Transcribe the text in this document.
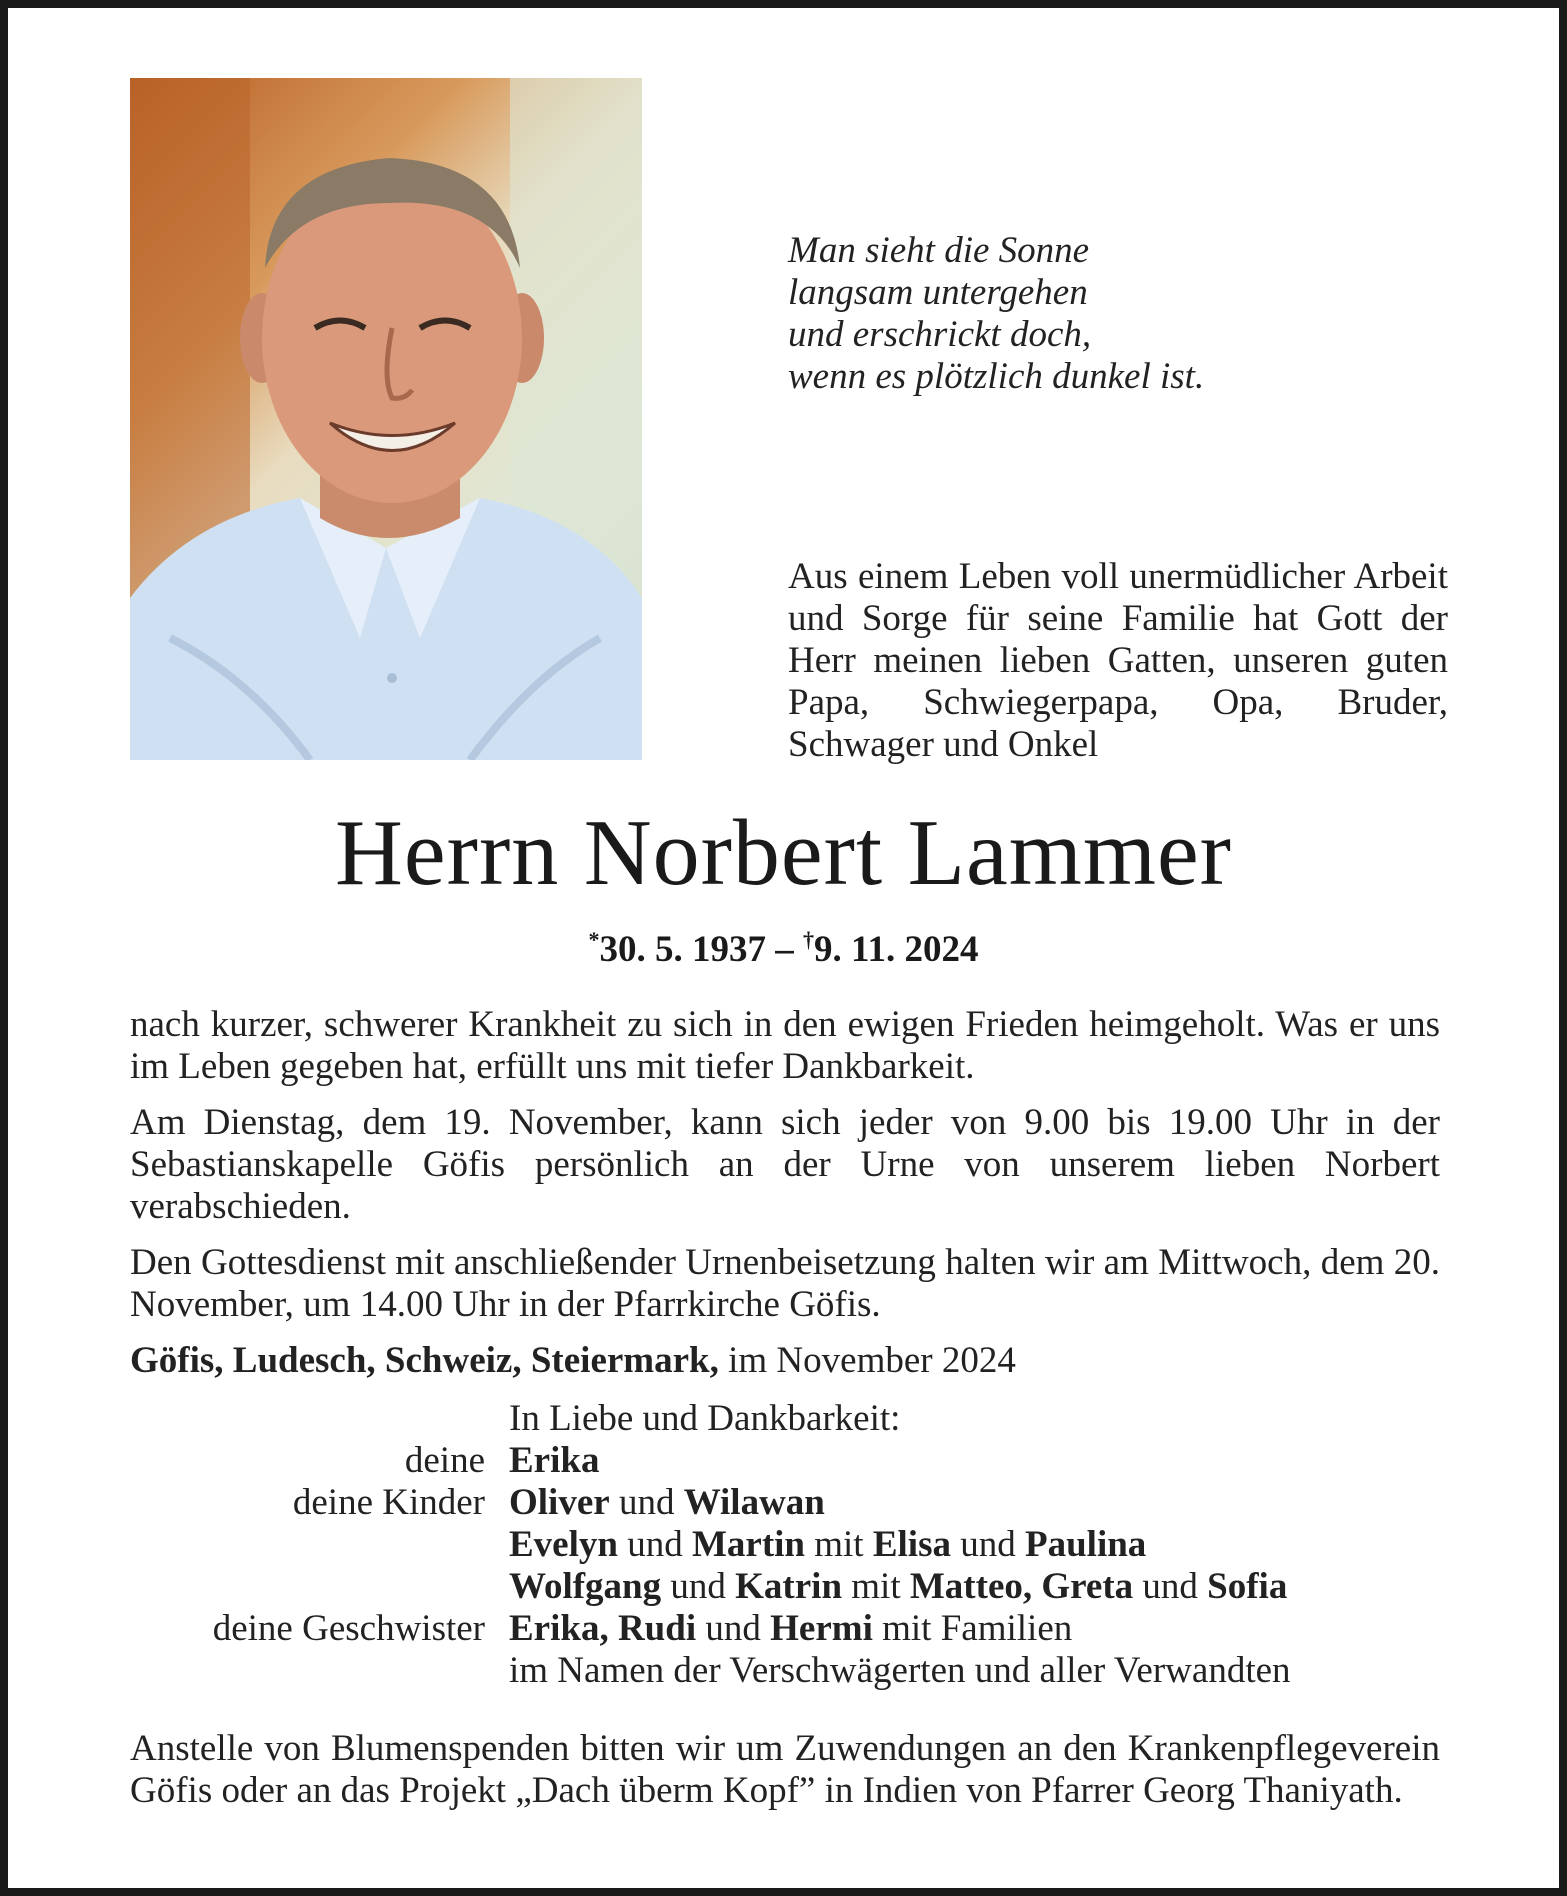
Man sieht die Sonne
langsam untergehen
und erschrickt doch,
wenn es plötzlich dunkel ist.
Aus einem Leben voll unermüdlicher Arbeit und Sorge für seine Familie hat Gott der Herr meinen lieben Gatten, unseren guten Papa, Schwiegerpapa, Opa, Bruder, Schwager und Onkel
Herrn Norbert Lammer
*30. 5. 1937 – †9. 11. 2024

nach kurzer, schwerer Krankheit zu sich in den ewigen Frieden heimgeholt. Was er uns im Leben gegeben hat, erfüllt uns mit tiefer Dankbarkeit.

Am Dienstag, dem 19. November, kann sich jeder von 9.00 bis 19.00 Uhr in der Sebastianskapelle Göfis persönlich an der Urne von unserem lieben Norbert verabschieden.

Den Gottesdienst mit anschließender Urnenbeisetzung halten wir am Mittwoch, dem 20. November, um 14.00 Uhr in der Pfarrkirche Göfis.

Göfis, Ludesch, Schweiz, Steiermark, im November 2024

In Liebe und Dankbarkeit:
deine Erika
deine Kinder Oliver und Wilawan
Evelyn und Martin mit Elisa und Paulina
Wolfgang und Katrin mit Matteo, Greta und Sofia
deine Geschwister Erika, Rudi und Hermi mit Familien
im Namen der Verschwägerten und aller Verwandten
Anstelle von Blumenspenden bitten wir um Zuwendungen an den Krankenpflegeverein Göfis oder an das Projekt „Dach überm Kopf” in Indien von Pfarrer Georg Thaniyath.
